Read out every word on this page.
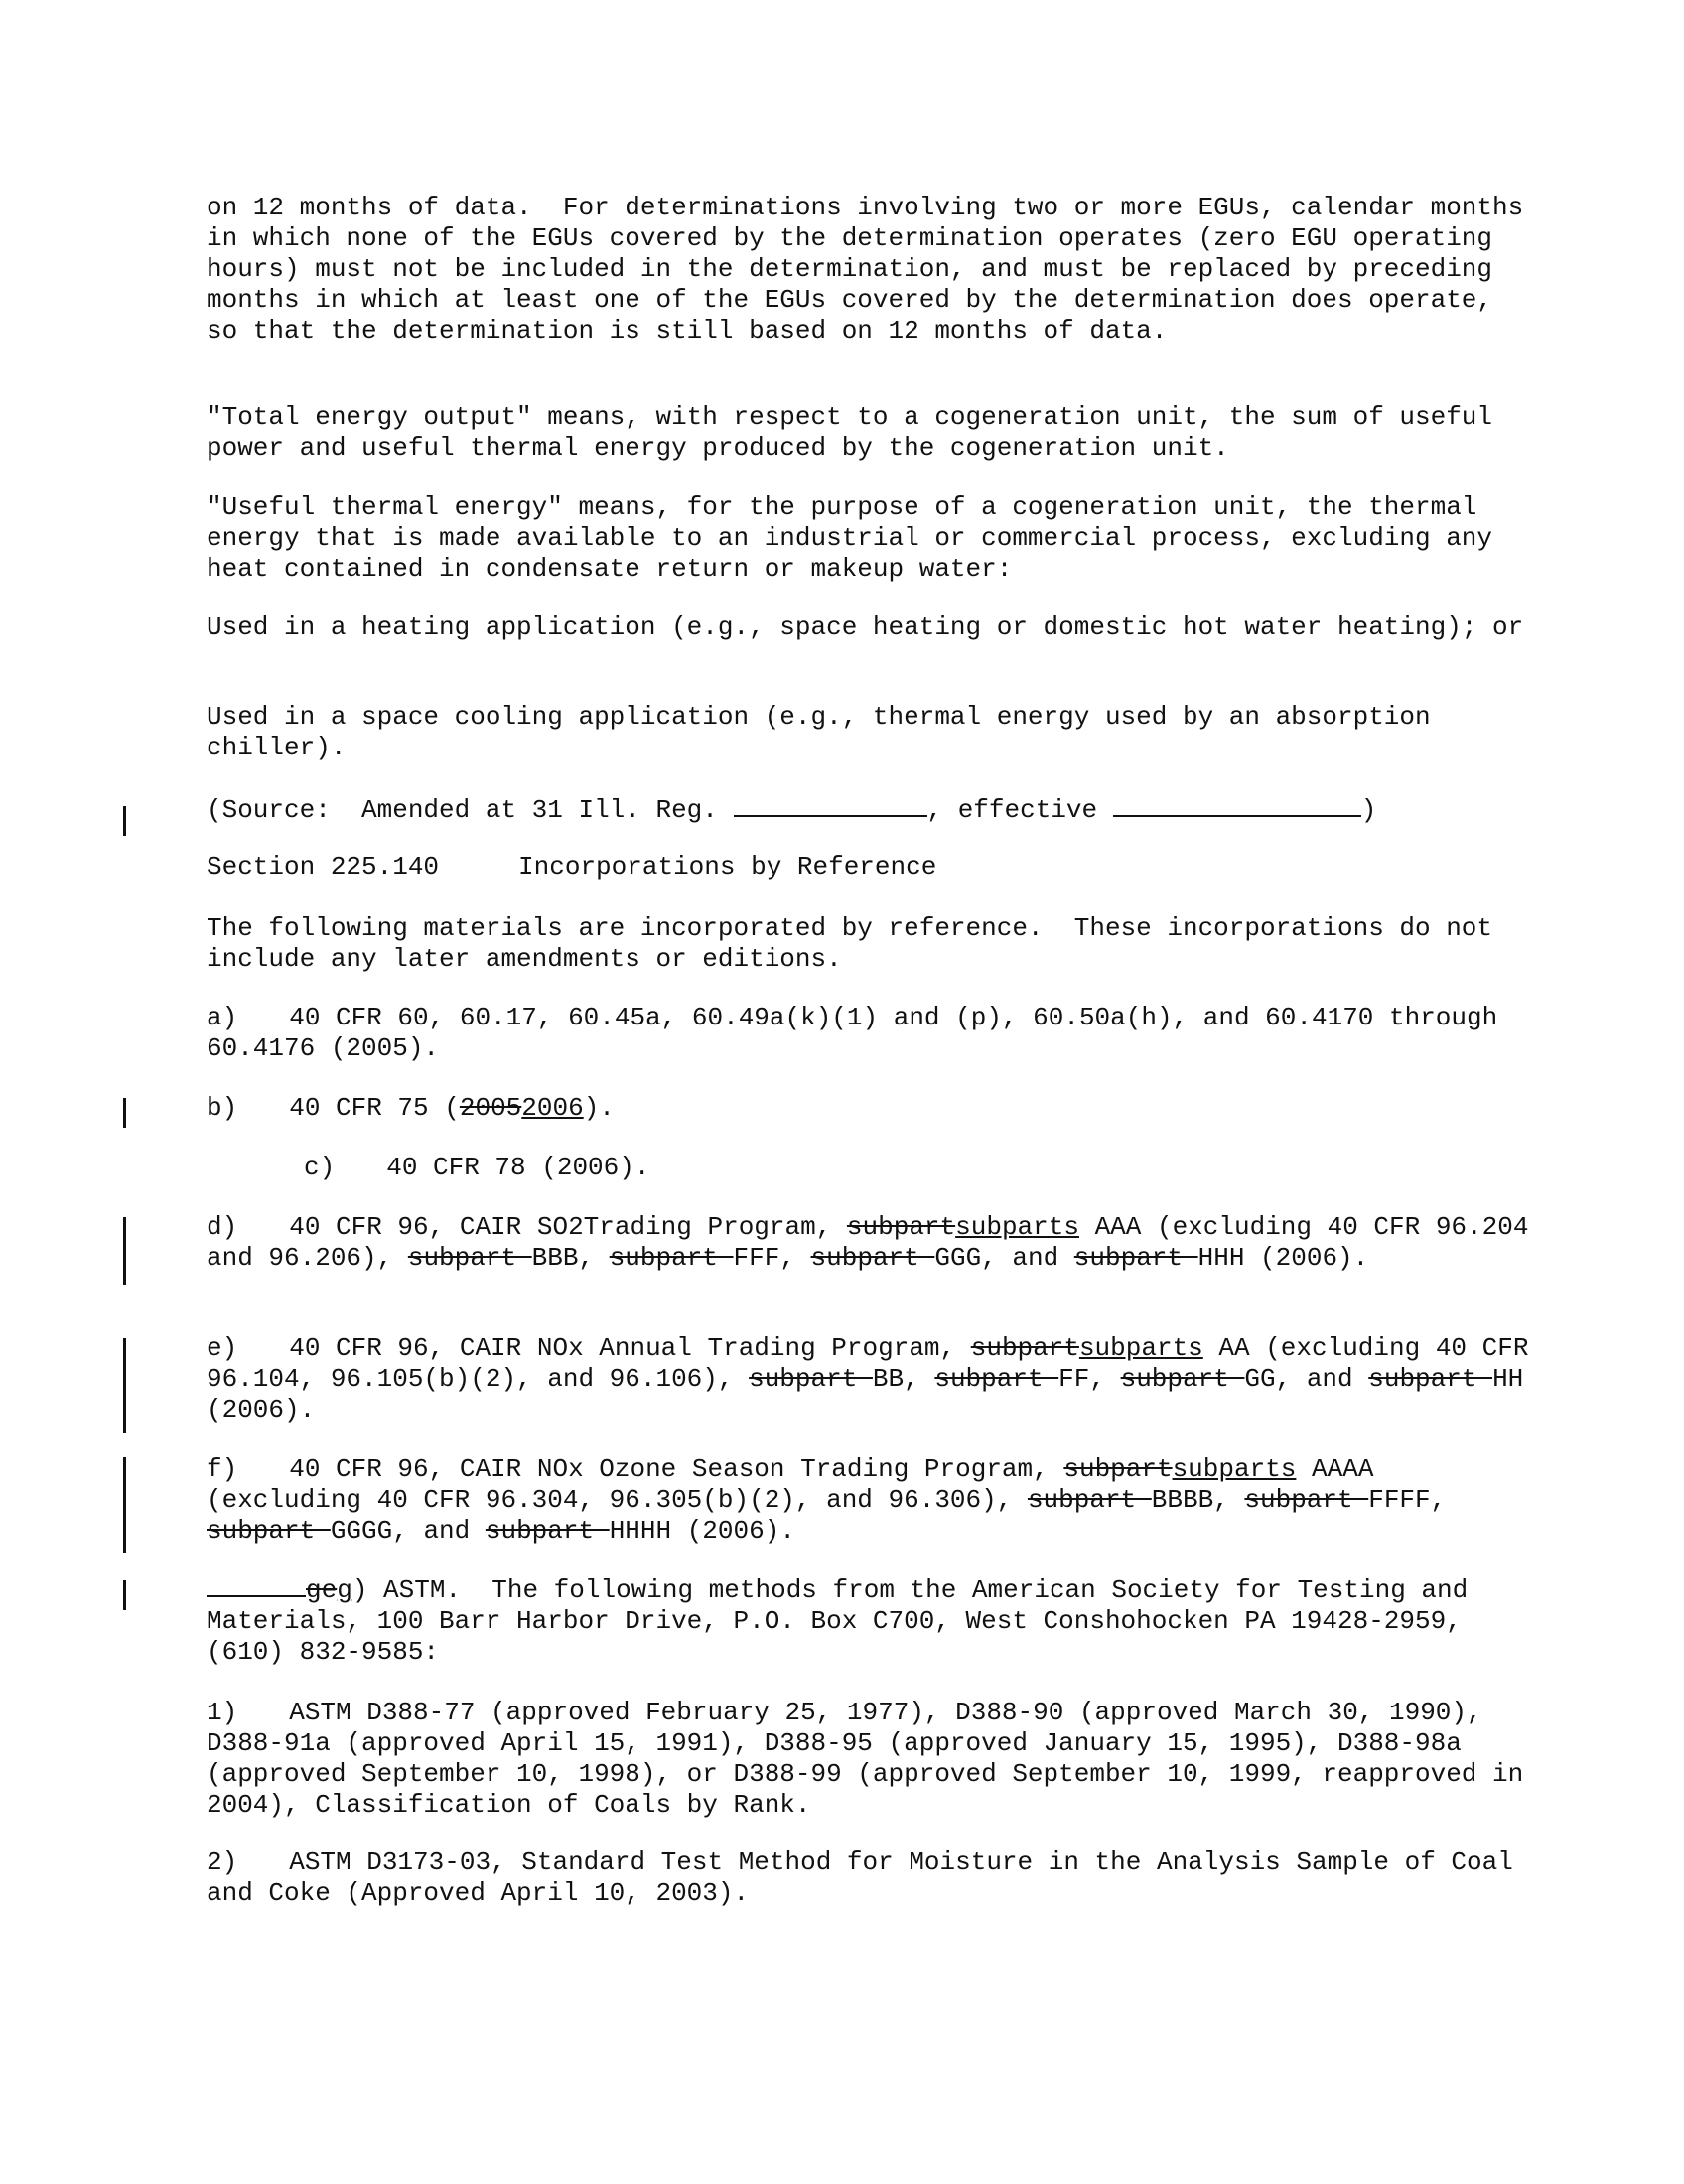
on 12 months of data.  For determinations involving two or more EGUs, calendar months in which none of the EGUs covered by the determination operates (zero EGU operating hours) must not be included in the determination, and must be replaced by preceding months in which at least one of the EGUs covered by the determination does operate, so that the determination is still based on 12 months of data.

"Total energy output" means, with respect to a cogeneration unit, the sum of useful power and useful thermal energy produced by the cogeneration unit.

"Useful thermal energy" means, for the purpose of a cogeneration unit, the thermal energy that is made available to an industrial or commercial process, excluding any heat contained in condensate return or makeup water:

Used in a heating application (e.g., space heating or domestic hot water heating); or

Used in a space cooling application (e.g., thermal energy used by an absorption chiller).

(Source:  Amended at 31 Ill. Reg.	, effective	)

Section 225.140	Incorporations by Reference

The following materials are incorporated by reference.  These incorporations do not include any later amendments or editions.

a) 40 CFR 60, 60.17, 60.45a, 60.49a(k)(1) and (p), 60.50a(h), and 60.4170 through 60.4176 (2005).

b) 40 CFR 75 (20052006).

c) 40 CFR 78 (2006).

d) 40 CFR 96, CAIR SO2Trading Program, subpartsubparts AAA (excluding 40 CFR 96.204 and 96.206), subpart BBB, subpart FFF, subpart GGG, and subpart HHH (2006).

e) 40 CFR 96, CAIR NOx Annual Trading Program, subpartsubparts AA (excluding 40 CFR 96.104, 96.105(b)(2), and 96.106), subpart BB, subpart FF, subpart GG, and subpart HH (2006).

f) 40 CFR 96, CAIR NOx Ozone Season Trading Program, subpartsubparts AAAA (excluding 40 CFR 96.304, 96.305(b)(2), and 96.306), subpart BBBB, subpart FFFF, subpart GGGG, and subpart HHHH (2006).

geg) ASTM.  The following methods from the American Society for Testing and Materials, 100 Barr Harbor Drive, P.O. Box C700, West Conshohocken PA 19428-2959, (610) 832-9585:

1) ASTM D388-77 (approved February 25, 1977), D388-90 (approved March 30, 1990), D388-91a (approved April 15, 1991), D388-95 (approved January 15, 1995), D388-98a (approved September 10, 1998), or D388-99 (approved September 10, 1999, reapproved in 2004), Classification of Coals by Rank.

2) ASTM D3173-03, Standard Test Method for Moisture in the Analysis Sample of Coal and Coke (Approved April 10, 2003).
